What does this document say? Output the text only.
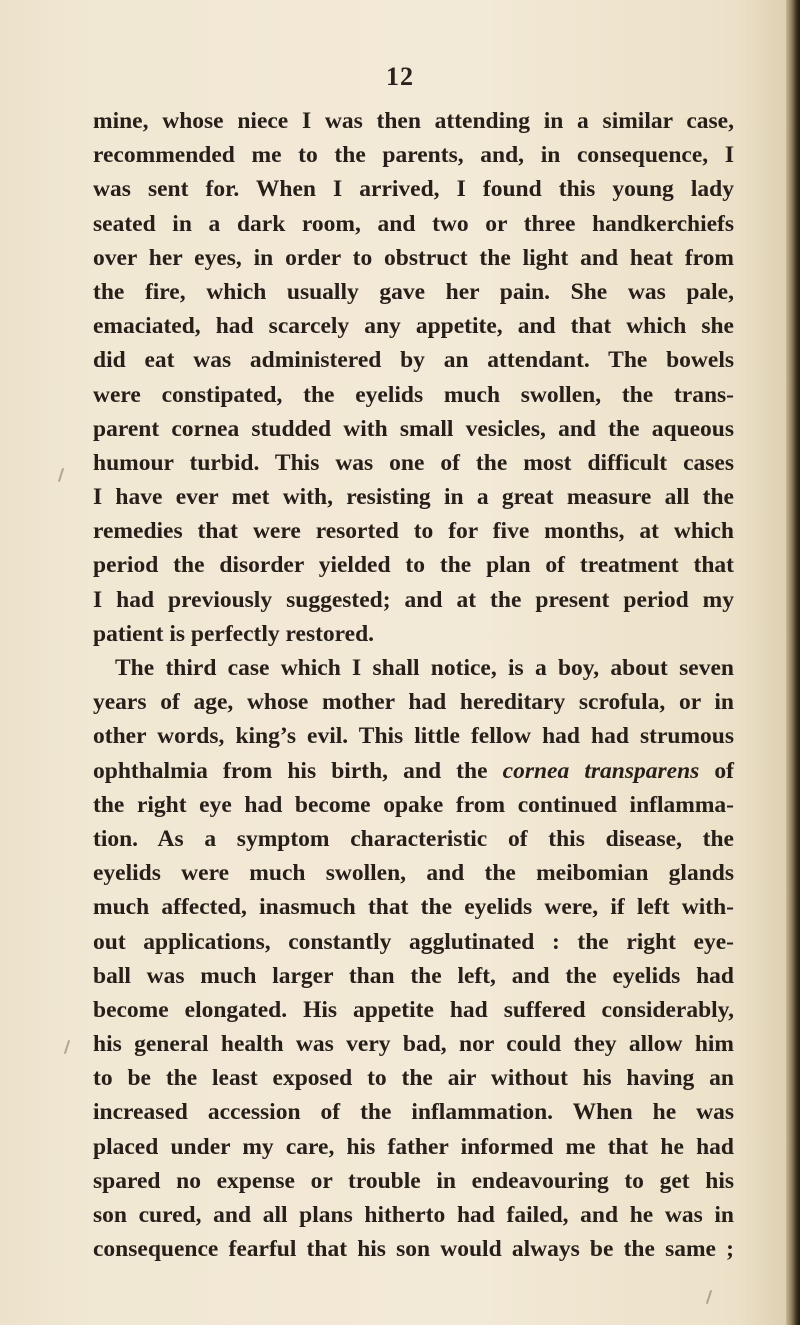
12
mine, whose niece I was then attending in a similar case,
recommended me to the parents, and, in consequence, I
was sent for. When I arrived, I found this young lady
seated in a dark room, and two or three handkerchiefs
over her eyes, in order to obstruct the light and heat from
the fire, which usually gave her pain. She was pale,
emaciated, had scarcely any appetite, and that which she
did eat was administered by an attendant. The bowels
were constipated, the eyelids much swollen, the trans-
parent cornea studded with small vesicles, and the aqueous
humour turbid. This was one of the most difficult cases
I have ever met with, resisting in a great measure all the
remedies that were resorted to for five months, at which
period the disorder yielded to the plan of treatment that
I had previously suggested; and at the present period my
patient is perfectly restored.
The third case which I shall notice, is a boy, about seven
years of age, whose mother had hereditary scrofula, or in
other words, king’s evil. This little fellow had had strumous
ophthalmia from his birth, and the cornea transparens of
the right eye had become opake from continued inflamma-
tion. As a symptom characteristic of this disease, the
eyelids were much swollen, and the meibomian glands
much affected, inasmuch that the eyelids were, if left with-
out applications, constantly agglutinated : the right eye-
ball was much larger than the left, and the eyelids had
become elongated. His appetite had suffered considerably,
his general health was very bad, nor could they allow him
to be the least exposed to the air without his having an
increased accession of the inflammation. When he was
placed under my care, his father informed me that he had
spared no expense or trouble in endeavouring to get his
son cured, and all plans hitherto had failed, and he was in
consequence fearful that his son would always be the same ;
